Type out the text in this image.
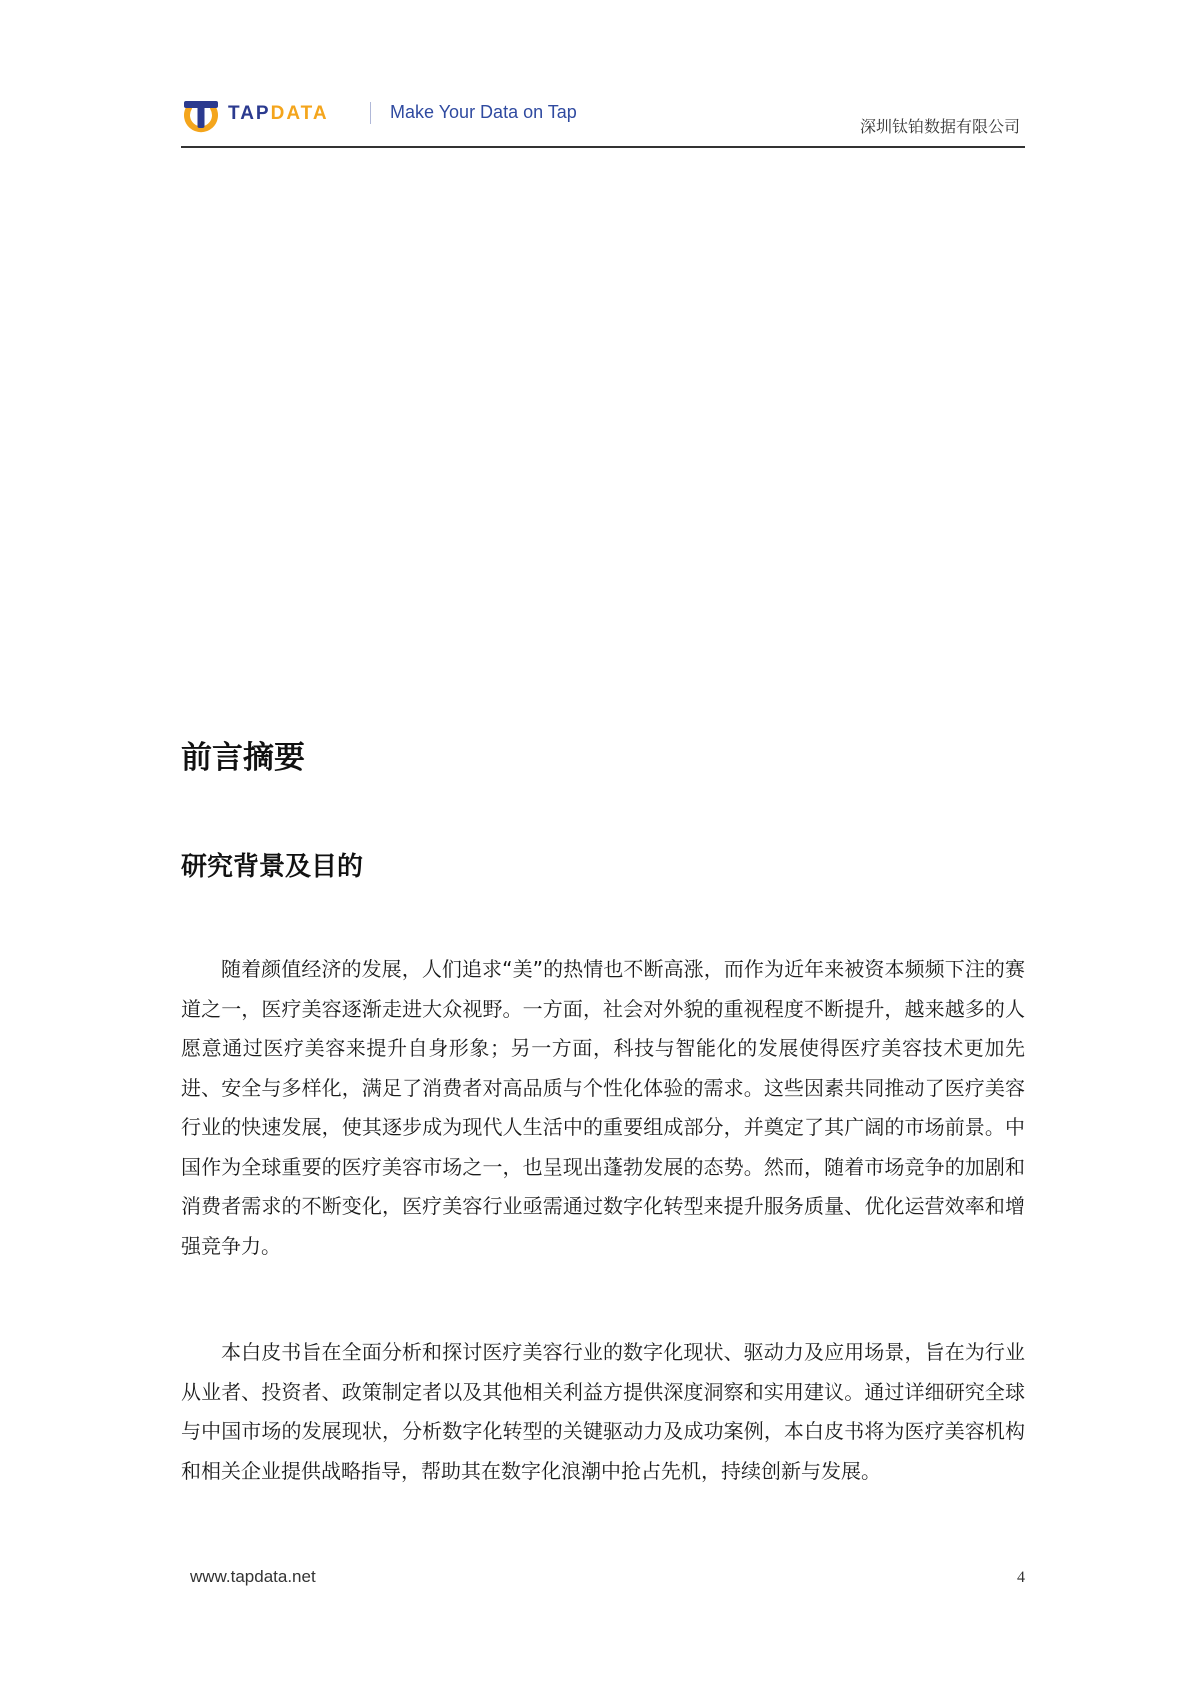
TAPDATA	Make Your Data on Tap
深圳钛铂数据有限公司
前言摘要
研究背景及目的

随着颜值经济的发展，人们追求“美”的热情也不断高涨，而作为近年来被资本频频下注的赛道之一，医疗美容逐渐走进大众视野。一方面，社会对外貌的重视程度不断提升，越来越多的人愿意通过医疗美容来提升自身形象；另一方面，科技与智能化的发展使得医疗美容技术更加先进、安全与多样化，满足了消费者对高品质与个性化体验的需求。这些因素共同推动了医疗美容行业的快速发展，使其逐步成为现代人生活中的重要组成部分，并奠定了其广阔的市场前景。中国作为全球重要的医疗美容市场之一，也呈现出蓬勃发展的态势。然而，随着市场竞争的加剧和消费者需求的不断变化，医疗美容行业亟需通过数字化转型来提升服务质量、优化运营效率和增强竞争力。

本白皮书旨在全面分析和探讨医疗美容行业的数字化现状、驱动力及应用场景，旨在为行业从业者、投资者、政策制定者以及其他相关利益方提供深度洞察和实用建议。通过详细研究全球与中国市场的发展现状，分析数字化转型的关键驱动力及成功案例，本白皮书将为医疗美容机构和相关企业提供战略指导，帮助其在数字化浪潮中抢占先机，持续创新与发展。

www.tapdata.net	4
